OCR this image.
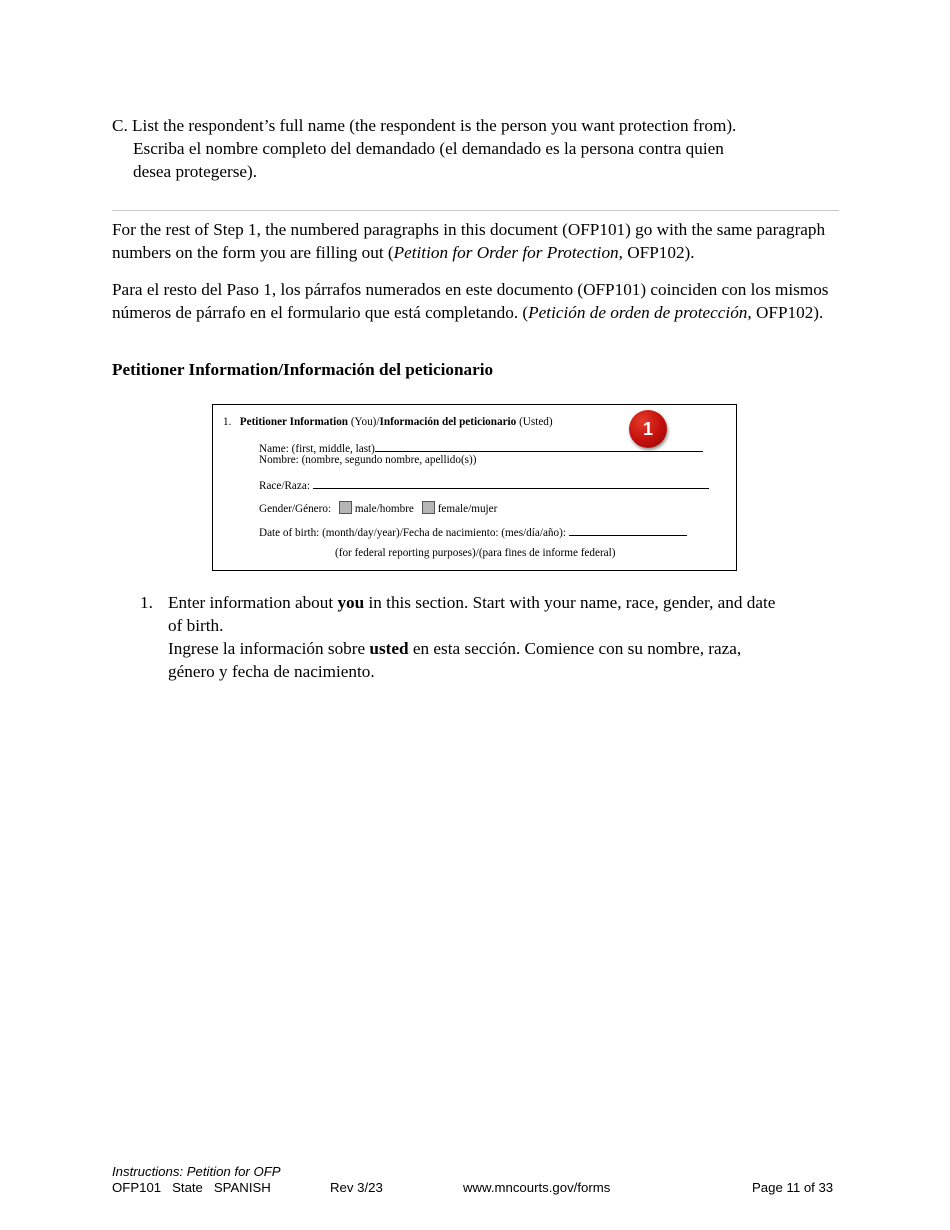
C. List the respondent’s full name (the respondent is the person you want protection from).
Escriba el nombre completo del demandado (el demandado es la persona contra quien
desea protegerse).
For the rest of Step 1, the numbered paragraphs in this document (OFP101) go with the same paragraph numbers on the form you are filling out (Petition for Order for Protection, OFP102).
Para el resto del Paso 1, los párrafos numerados en este documento (OFP101) coinciden con los mismos números de párrafo en el formulario que está completando. (Petición de orden de protección, OFP102).
Petitioner Information/Información del peticionario
1. Petitioner Information (You)/Información del peticionario (Usted)	1
Name: (first, middle, last)
Nombre: (nombre, segundo nombre, apellido(s))
Race/Raza:
Gender/Género: male/hombre female/mujer
Date of birth: (month/day/year)/Fecha de nacimiento: (mes/día/año):
(for federal reporting purposes)/(para fines de informe federal)
1. Enter information about you in this section. Start with your name, race, gender, and date of birth.
Ingrese la información sobre usted en esta sección. Comience con su nombre, raza, género y fecha de nacimiento.
Instructions: Petition for OFP
OFP101   State   SPANISH	Rev 3/23	www.mncourts.gov/forms	Page 11 of 33
